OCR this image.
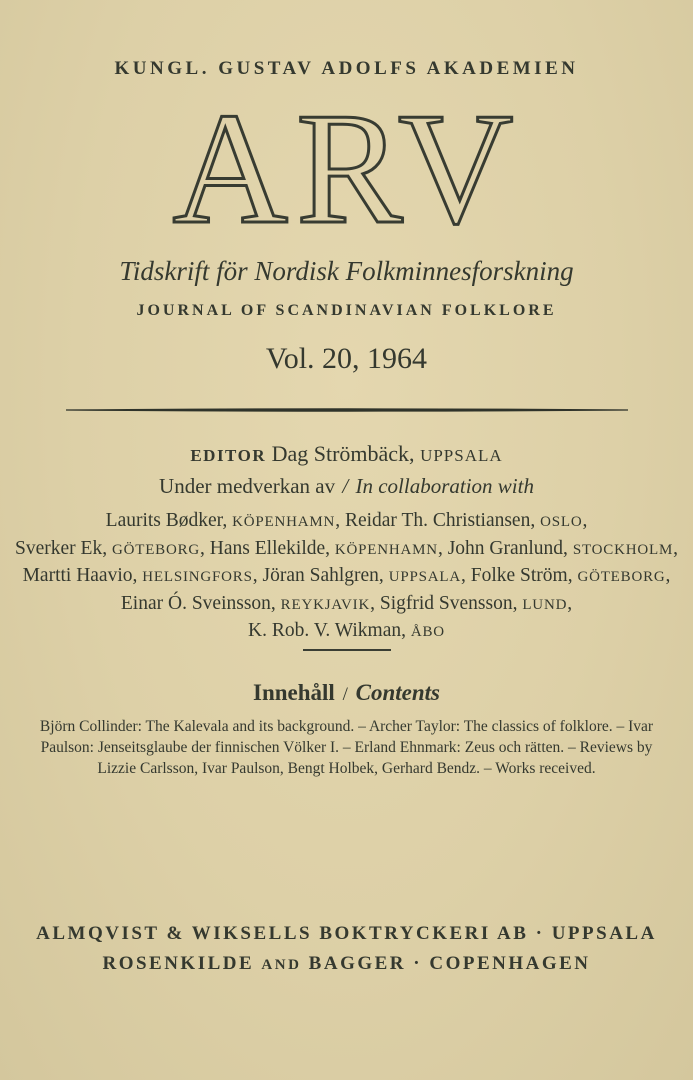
KUNGL. GUSTAV ADOLFS AKADEMIEN
ARV
Tidskrift för Nordisk Folkminnesforskning
JOURNAL OF SCANDINAVIAN FOLKLORE
Vol. 20, 1964
EDITOR Dag Strömbäck, UPPSALA
Under medverkan av / In collaboration with
Laurits Bødker, KÖPENHAMN, Reidar Th. Christiansen, OSLO,
Sverker Ek, GÖTEBORG, Hans Ellekilde, KÖPENHAMN, John Granlund, STOCKHOLM,
Martti Haavio, HELSINGFORS, Jöran Sahlgren, UPPSALA, Folke Ström, GÖTEBORG,
Einar Ó. Sveinsson, REYKJAVIK, Sigfrid Svensson, LUND,
K. Rob. V. Wikman, ÅBO
Innehåll / Contents
Björn Collinder: The Kalevala and its background. – Archer Taylor: The classics of folklore. – Ivar Paulson: Jenseitsglaube der finnischen Völker I. – Erland Ehnmark: Zeus och rätten. – Reviews by Lizzie Carlsson, Ivar Paulson, Bengt Holbek, Gerhard Bendz. – Works received.
ALMQVIST & WIKSELLS BOKTRYCKERI AB · UPPSALA
ROSENKILDE AND BAGGER · COPENHAGEN
